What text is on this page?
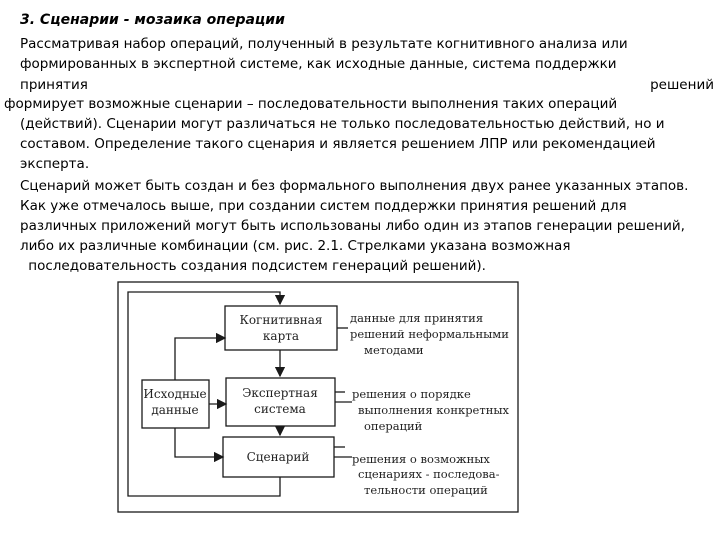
3. Сценарии - мозаика операции
Рассматривая набор операций, полученный в результате когнитивного анализа или
формированных в экспертной системе, как исходные данные, система поддержки
принятия	решений
формирует возможные сценарии – последовательности выполнения таких операций
(действий). Сценарии могут различаться не только последовательностью действий, но и
составом. Определение такого сценария и является решением ЛПР или рекомендацией
эксперта.
Сценарий может быть создан и без формального выполнения двух ранее указанных этапов.
Как уже отмечалось выше, при создании систем поддержки принятия решений для
различных приложений могут быть использованы либо один из этапов генерации решений,
либо их различные комбинации (см. рис. 2.1. Стрелками указана возможная
последовательность создания подсистем генераций решений).
Когнитивная
карта
Исходные
данные
Экспертная
система
Сценарий
данные для принятия
решений неформальными
методами
решения о порядке
выполнения конкретных
операций
решения о возможных
сценариях - последова-
тельности операций
